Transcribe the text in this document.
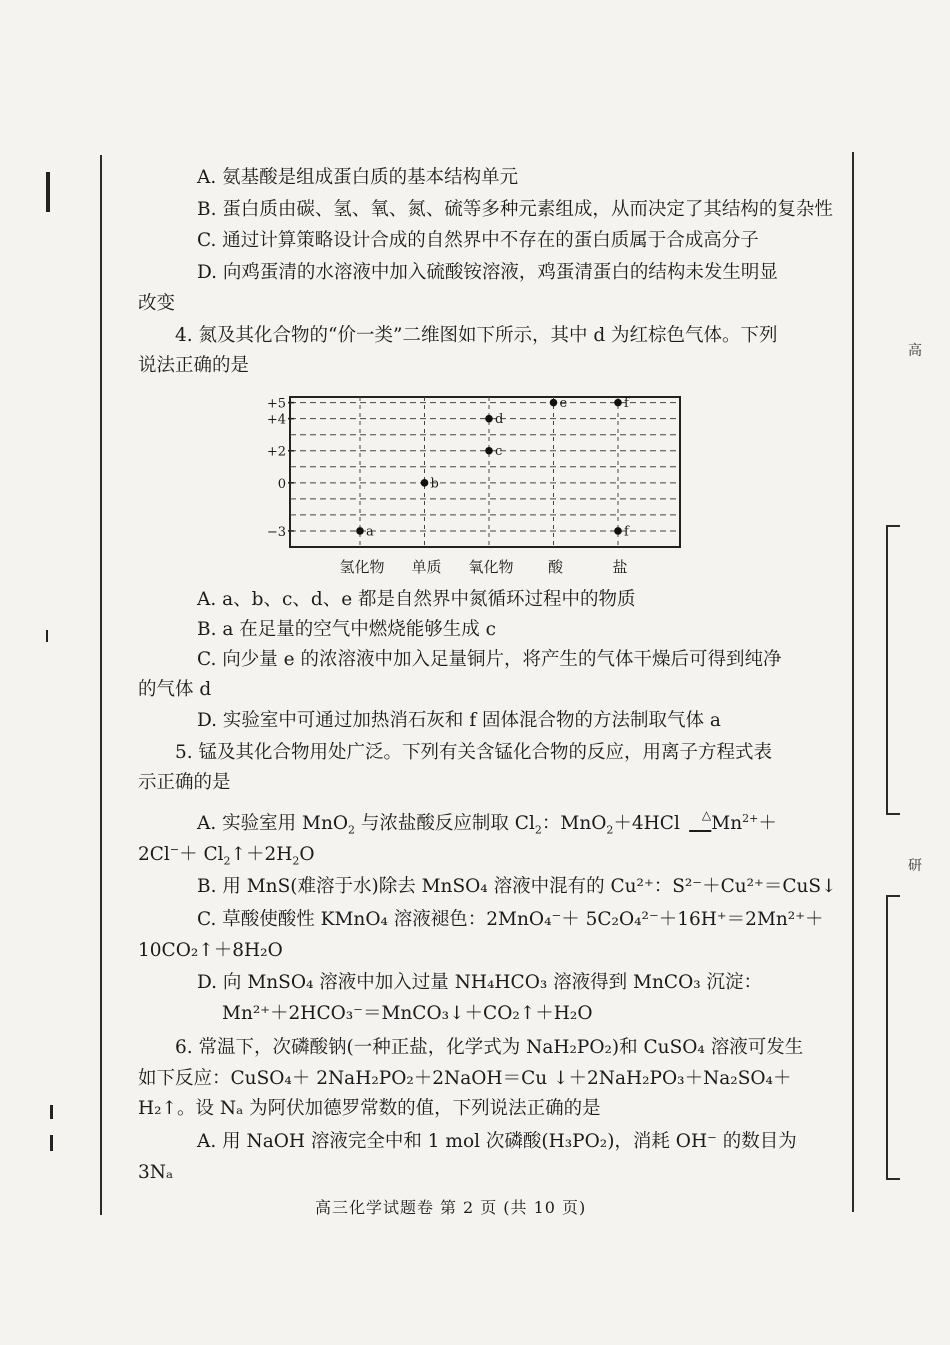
高
研
A. 氨基酸是组成蛋白质的基本结构单元
B. 蛋白质由碳、氢、氧、氮、硫等多种元素组成，从而决定了其结构的复杂性
C. 通过计算策略设计合成的自然界中不存在的蛋白质属于合成高分子
D. 向鸡蛋清的水溶液中加入硫酸铵溶液，鸡蛋清蛋白的结构未发生明显
改变
4. 氮及其化合物的“价一类”二维图如下所示，其中 d 为红棕色气体。下列
说法正确的是
氢化物 单质 氧化物 酸	盐
+5
+4
+2
0
−3	a
b
c
d
e	f
f
A. a、b、c、d、e 都是自然界中氮循环过程中的物质
B. a 在足量的空气中燃烧能够生成 c
C. 向少量 e 的浓溶液中加入足量铜片，将产生的气体干燥后可得到纯净
的气体 d
D. 实验室中可通过加热消石灰和 f 固体混合物的方法制取气体 a
5. 锰及其化合物用处广泛。下列有关含锰化合物的反应，用离子方程式表
示正确的是
A. 实验室用 MnO$_2$ 与浓盐酸反应制取 $Cl_2$：MnO$_2$＋4HCl △      $Mn^{2+}+$
$2Cl^-+ Cl_2↑+2H_2O$
B. 用 MnS(难溶于水)除去 MnSO₄ 溶液中混有的 Cu²⁺：S²⁻＋Cu²⁺＝CuS↓
C. 草酸使酸性 KMnO₄ 溶液褪色：2MnO₄⁻＋ 5C₂O₄²⁻＋16H⁺＝2Mn²⁺＋
10CO₂↑＋8H₂O
D. 向 MnSO₄ 溶液中加入过量 NH₄HCO₃ 溶液得到 MnCO₃ 沉淀：
Mn²⁺＋2HCO₃⁻＝MnCO₃↓＋CO₂↑＋H₂O
6. 常温下，次磷酸钠(一种正盐，化学式为 NaH₂PO₂)和 CuSO₄ 溶液可发生
如下反应：CuSO₄＋ 2NaH₂PO₂＋2NaOH＝Cu ↓＋2NaH₂PO₃＋Na₂SO₄＋
H₂↑。设 Nₐ 为阿伏加德罗常数的值，下列说法正确的是
A. 用 NaOH 溶液完全中和 1 mol 次磷酸(H₃PO₂)，消耗 OH⁻ 的数目为
3Nₐ
高三化学试题卷 第 2 页 (共 10 页)
